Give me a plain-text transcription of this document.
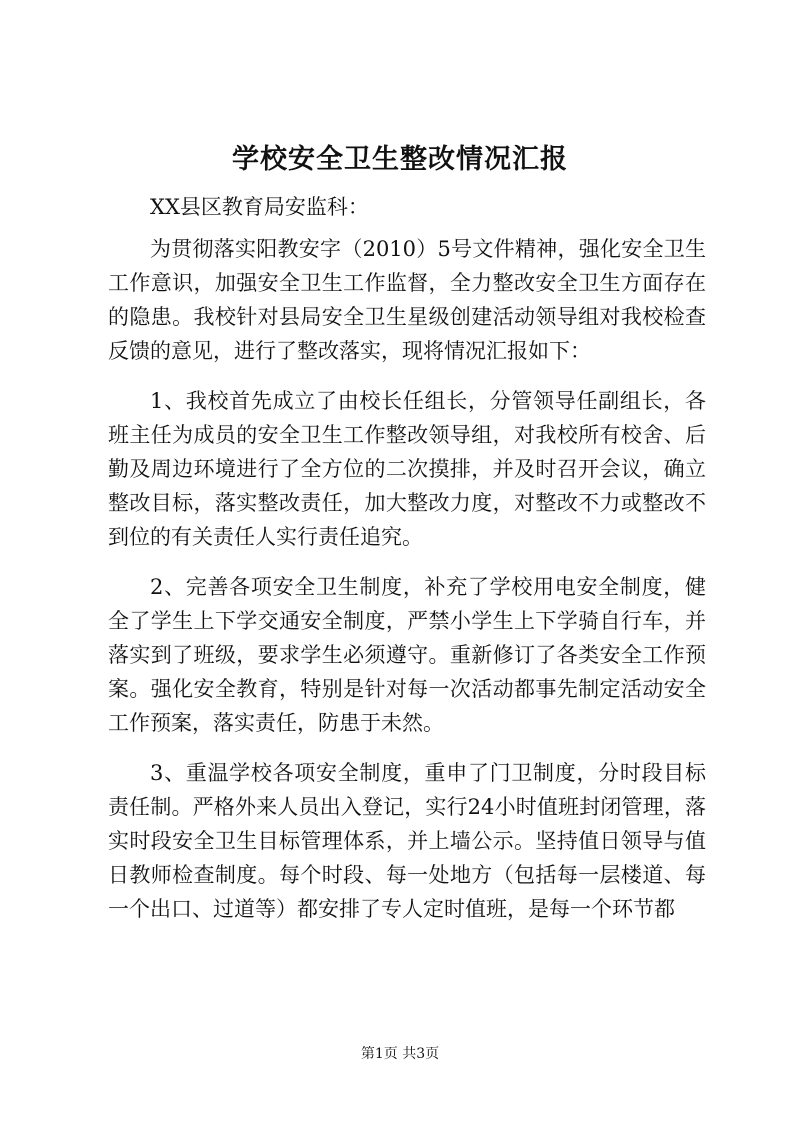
学校安全卫生整改情况汇报

XX县区教育局安监科：

为贯彻落实阳教安字（2010）5号文件精神，强化安全卫生工作意识，加强安全卫生工作监督，全力整改安全卫生方面存在的隐患。我校针对县局安全卫生星级创建活动领导组对我校检查反馈的意见，进行了整改落实，现将情况汇报如下：

1、我校首先成立了由校长任组长，分管领导任副组长，各班主任为成员的安全卫生工作整改领导组，对我校所有校舍、后勤及周边环境进行了全方位的二次摸排，并及时召开会议，确立整改目标，落实整改责任，加大整改力度，对整改不力或整改不到位的有关责任人实行责任追究。

2、完善各项安全卫生制度，补充了学校用电安全制度，健全了学生上下学交通安全制度，严禁小学生上下学骑自行车，并落实到了班级，要求学生必须遵守。重新修订了各类安全工作预案。强化安全教育，特别是针对每一次活动都事先制定活动安全工作预案，落实责任，防患于未然。

3、重温学校各项安全制度，重申了门卫制度，分时段目标责任制。严格外来人员出入登记，实行24小时值班封闭管理，落实时段安全卫生目标管理体系，并上墙公示。坚持值日领导与值日教师检查制度。每个时段、每一处地方（包括每一层楼道、每一个出口、过道等）都安排了专人定时值班，是每一个环节都

第1页 共3页
